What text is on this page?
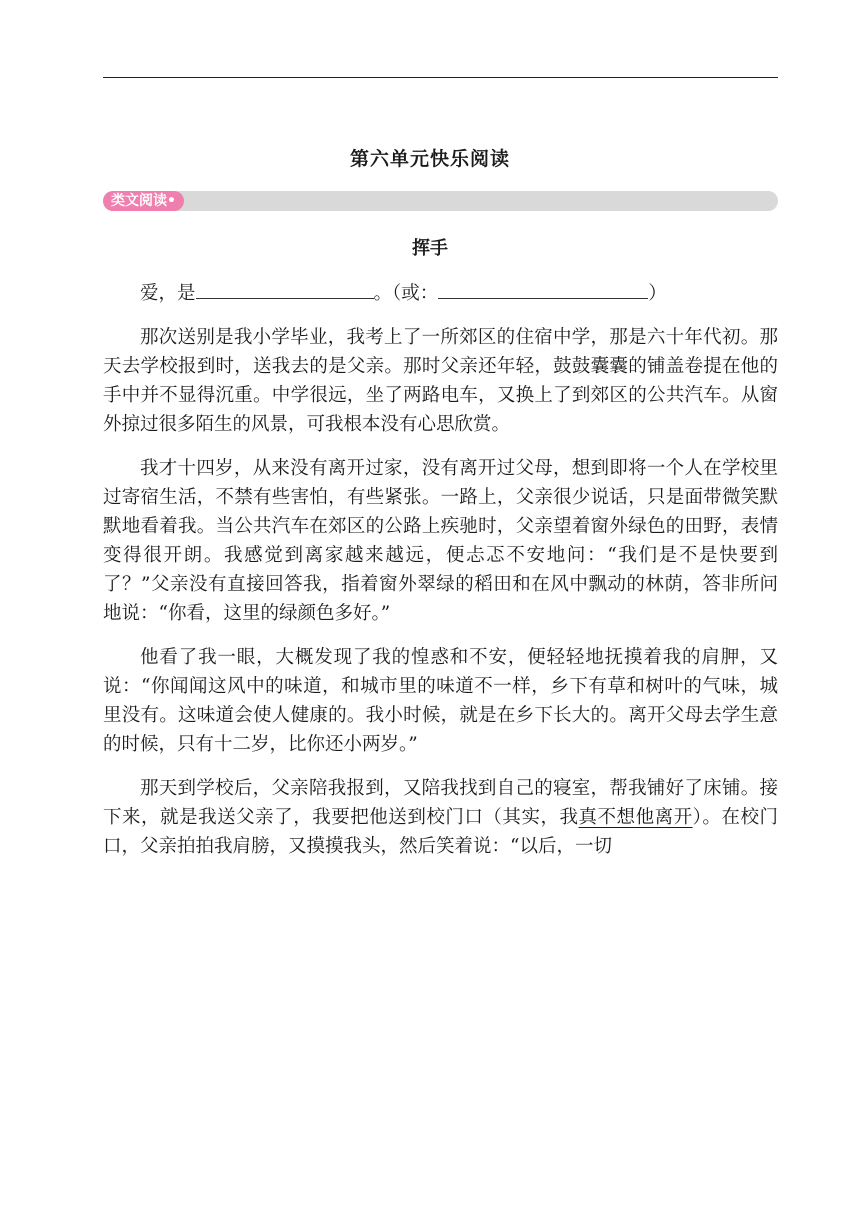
第六单元快乐阅读
类文阅读•
挥手

爱，是	。（或：	）

那次送别是我小学毕业，我考上了一所郊区的住宿中学，那是六十年代初。那天去学校报到时，送我去的是父亲。那时父亲还年轻，鼓鼓囊囊的铺盖卷提在他的手中并不显得沉重。中学很远，坐了两路电车，又换上了到郊区的公共汽车。从窗外掠过很多陌生的风景，可我根本没有心思欣赏。

我才十四岁，从来没有离开过家，没有离开过父母，想到即将一个人在学校里过寄宿生活，不禁有些害怕，有些紧张。一路上，父亲很少说话，只是面带微笑默默地看着我。当公共汽车在郊区的公路上疾驰时，父亲望着窗外绿色的田野，表情变得很开朗。我感觉到离家越来越远，便忐忑不安地问：“我们是不是快要到了？”父亲没有直接回答我，指着窗外翠绿的稻田和在风中飘动的林荫，答非所问地说：“你看，这里的绿颜色多好。”

他看了我一眼，大概发现了我的惶惑和不安，便轻轻地抚摸着我的肩胛，又说：“你闻闻这风中的味道，和城市里的味道不一样，乡下有草和树叶的气味，城里没有。这味道会使人健康的。我小时候，就是在乡下长大的。离开父母去学生意的时候，只有十二岁，比你还小两岁。”

那天到学校后，父亲陪我报到，又陪我找到自己的寝室，帮我铺好了床铺。接下来，就是我送父亲了，我要把他送到校门口（其实，我真不想他离开）。在校门口，父亲拍拍我肩膀，又摸摸我头，然后笑着说：“以后，一切
